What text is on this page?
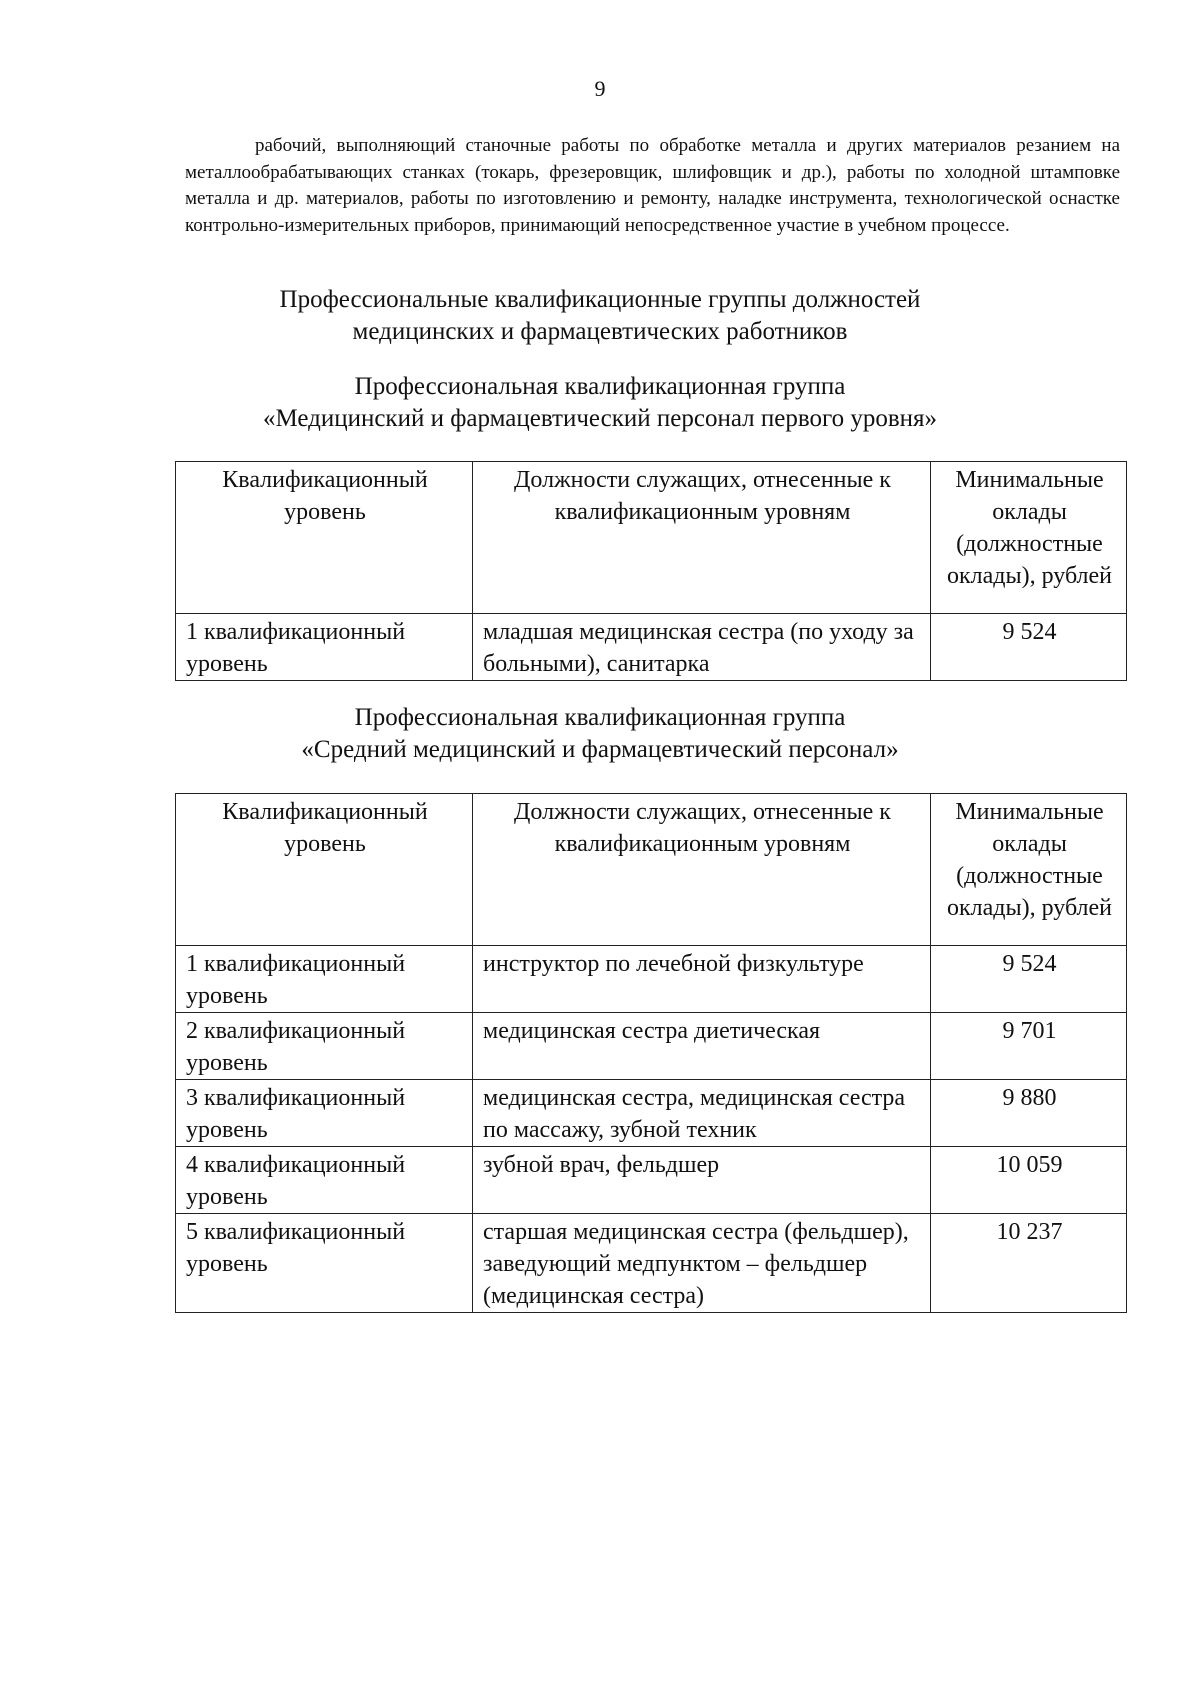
9

рабочий, выполняющий станочные работы по обработке металла и других материалов резанием на металлообрабатывающих станках (токарь, фрезеровщик, шлифовщик и др.), работы по холодной штамповке металла и др. материалов, работы по изготовлению и ремонту, наладке инструмента, технологической оснастке контрольно-измерительных приборов, принимающий непосредственное участие в учебном процессе.

Профессиональные квалификационные группы должностей
медицинских и фармацевтических работников
Профессиональная квалификационная группа
«Медицинский и фармацевтический персонал первого уровня»
Квалификационный уровень	Должности служащих, отнесенные к квалификационным уровням	Минимальные оклады (должностные оклады), рублей
1 квалификационный уровень	младшая медицинская сестра (по уходу за больными), санитарка	9 524
Профессиональная квалификационная группа
«Средний медицинский и фармацевтический персонал»
Квалификационный уровень	Должности служащих, отнесенные к квалификационным уровням	Минимальные оклады (должностные оклады), рублей
1 квалификационный уровень	инструктор по лечебной физкультуре	9 524
2 квалификационный уровень	медицинская сестра диетическая	9 701
3 квалификационный уровень	медицинская сестра, медицинская сестра по массажу, зубной техник	9 880
4 квалификационный уровень	зубной врач, фельдшер	10 059
5 квалификационный уровень	старшая медицинская сестра (фельдшер), заведующий медпунктом – фельдшер (медицинская сестра)	10 237
